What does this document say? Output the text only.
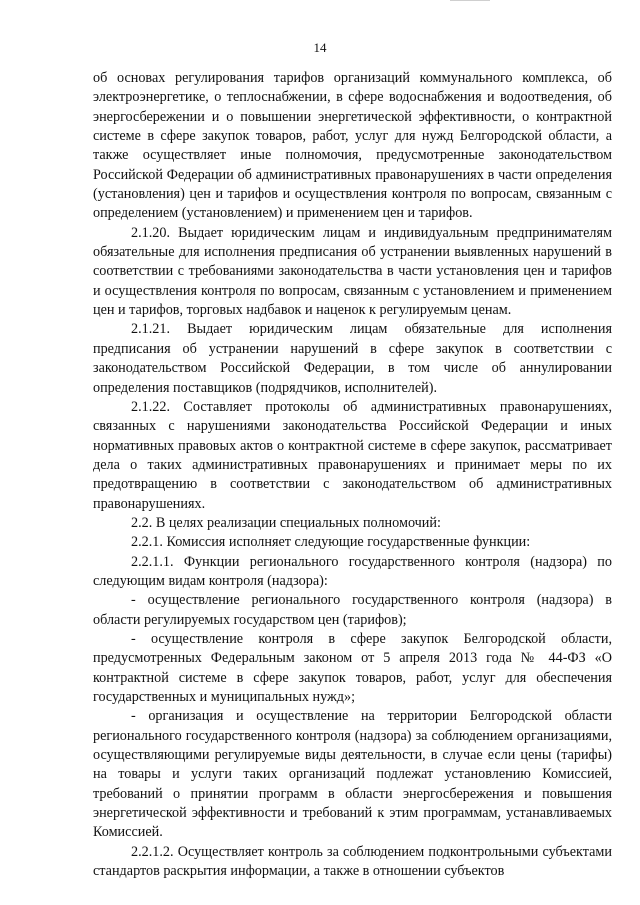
14

об основах регулирования тарифов организаций коммунального комплекса, об электроэнергетике, о теплоснабжении, в сфере водоснабжения и водоотведения, об энергосбережении и о повышении энергетической эффективности, о контрактной системе в сфере закупок товаров, работ, услуг для нужд Белгородской области, а также осуществляет иные полномочия, предусмотренные законодательством Российской Федерации об административных правонарушениях в части определения (установления) цен и тарифов и осуществления контроля по вопросам, связанным с определением (установлением) и применением цен и тарифов.

2.1.20. Выдает юридическим лицам и индивидуальным предпринимателям обязательные для исполнения предписания об устранении выявленных нарушений в соответствии с требованиями законодательства в части установления цен и тарифов и осуществления контроля по вопросам, связанным с установлением и применением цен и тарифов, торговых надбавок и наценок к регулируемым ценам.

2.1.21. Выдает юридическим лицам обязательные для исполнения предписания об устранении нарушений в сфере закупок в соответствии с законодательством Российской Федерации, в том числе об аннулировании определения поставщиков (подрядчиков, исполнителей).

2.1.22. Составляет протоколы об административных правонарушениях, связанных с нарушениями законодательства Российской Федерации и иных нормативных правовых актов о контрактной системе в сфере закупок, рассматривает дела о таких административных правонарушениях и принимает меры по их предотвращению в соответствии с законодательством об административных правонарушениях.

2.2. В целях реализации специальных полномочий:

2.2.1. Комиссия исполняет следующие государственные функции:

2.2.1.1. Функции регионального государственного контроля (надзора) по следующим видам контроля (надзора):

- осуществление регионального государственного контроля (надзора) в области регулируемых государством цен (тарифов);

- осуществление контроля в сфере закупок Белгородской области, предусмотренных Федеральным законом от 5 апреля 2013 года № 44-ФЗ «О контрактной системе в сфере закупок товаров, работ, услуг для обеспечения государственных и муниципальных нужд»;

- организация и осуществление на территории Белгородской области регионального государственного контроля (надзора) за соблюдением организациями, осуществляющими регулируемые виды деятельности, в случае если цены (тарифы) на товары и услуги таких организаций подлежат установлению Комиссией, требований о принятии программ в области энергосбережения и повышения энергетической эффективности и требований к этим программам, устанавливаемых Комиссией.

2.2.1.2. Осуществляет контроль за соблюдением подконтрольными субъектами стандартов раскрытия информации, а также в отношении субъектов
